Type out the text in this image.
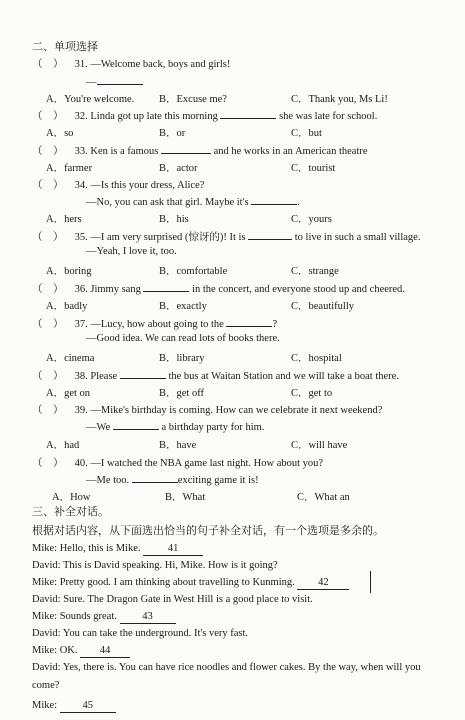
二、单项选择
（　） 31. —Welcome back, boys and girls!
—
A．You're welcome. B．Excuse me?	C．Thank you, Ms Li!
（　） 32. Linda got up late this morning	she was late for school.
A．so	B．or	C．but
（　） 33. Ken is a famous	and he works in an American theatre
A．farmer	B．actor	C．tourist
（　） 34. —Is this your dress, Alice?
—No, you can ask that girl. Maybe it's	.
A．hers	B．his	C．yours
（　） 35. —I am very surprised (惊讶的)! It is	to live in such a small village.
—Yeah, I love it, too.
A．boring	B．comfortable	C．strange
（　） 36. Jimmy sang	in the concert, and everyone stood up and cheered.
A．badly	B．exactly	C．beautifully
（　） 37. —Lucy, how about going to the	?
—Good idea. We can read lots of books there.
A．cinema	B．library	C．hospital
（　） 38. Please	the bus at Waitan Station and we will take a boat there.
A．get on	B．get off	C．get to
（　） 39. —Mike's birthday is coming. How can we celebrate it next weekend?
—We	a birthday party for him.
A．had	B．have	C．will have
（　） 40. —I watched the NBA game last night. How about you?
—Me too.	exciting game it is!
A．How	B．What	C．What an
三、补全对话。
根据对话内容，从下面选出恰当的句子补全对话，有一个选项是多余的。
Mike: Hello, this is Mike.	41
David: This is David speaking. Hi, Mike. How is it going?
Mike: Pretty good. I am thinking about travelling to Kunming. 42
David: Sure. The Dragon Gate in West Hill is a good place to visit.
Mike: Sounds great. 43
David: You can take the underground. It's very fast.
Mike: OK. 44
David: Yes, there is. You can have rice noodles and flower cakes. By the way, when will you
come?
Mike: 45
